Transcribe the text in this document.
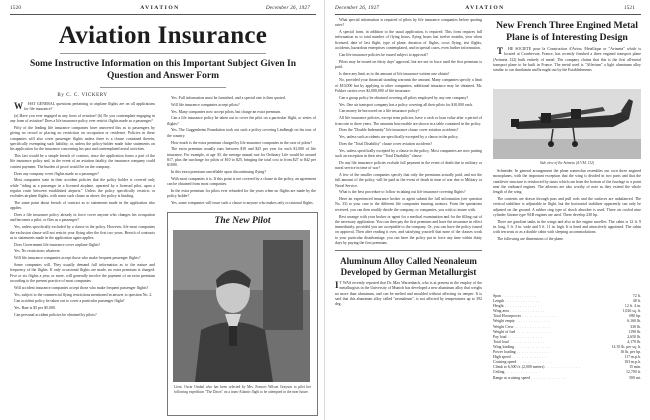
1520	AVIATION	December 26, 1927
Aviation Insurance
Some Instructive Information on this Important Subject Given In Question and Answer Form
By C. C. VICKERY

WHAT GENERAL questions pertaining to airplane flights are on all applications for life insurance?

(a) Have you ever engaged in any form of aviation? (b) Do you contemplate engaging in any form of aviation? Does a life insurance policy ever restrict flights made as a passenger?

Fifty of the leading life insurance companies have answered this as to passengers by giving no record or placing no restriction on occupation or residence. Policies in these companies will also cover passenger flights unless there is a clause contained therein, specifically exempting such liability, or, unless the policy-holder made false statements on his application for the insurance concerning his past and contemplated aerial activities.

This last would be a simple breach of contract, since the application forms a part of the life insurance policy and, in the event of an aviation fatality, the insurance company could contest payment. The burden of proof would be on the company.

Does any company cover flights made as a passenger?

Most companies state in their accident policies that the policy holder is covered only while "riding as a passenger in a licensed airplane, operated by a licensed pilot, upon a regular route between established airports." Unless the policy specifically restricts or excludes airplane flights, with some such clause as above, the policy is binding.

The same point about breach of contract as to statements made in the application also applies.

Does a life insurance policy already in force cover anyone who changes his occupation and becomes a pilot, or flies as a passenger?

Yes, unless specifically excluded by a clause in the policy. However, life most companies the exclusion clause will not restrict your flying after the first two years. Breach of contracts as to statements made in the application again applies.

Does Government life insurance cover airplane flights?

Yes. No restrictions whatever.

Will life insurance companies accept those who make frequent passenger flights?

Some companies will. They usually demand full information as to the nature and frequency of the flights. If only occasional flights are made, no extra premium is charged. Five or six flights a year, or more, will generally involve the payment of an extra premium according to the present practice of most companies.

Will accident insurance companies accept those who make frequent passenger flights?

Yes, subject to the commercial flying restrictions mentioned in answer to question No. 2.

Can accident policy be taken out to cover a particular passenger flight?

Yes. Rate is $5 per $5,000.

Can personal accident policies be obtained by pilots?

Yes. Full information must be furnished, and a special rate is then quoted.

Will life insurance companies accept pilots?

Yes. Many companies now accept pilots, but charge an extra premium.

Can a life insurance policy be taken out to cover the pilot on a particular flight, or series of flights?

Yes. The Guggenheim Foundation took out such a policy covering Lindbergh on his tour of the country.

How much is the extra premium charged by life insurance companies in the case of pilots?

The extra premium usually runs between $10 and $25 per year for each $1,000 of life insurance. For example, at age 30, the average annual rate for Ordinary Life would be around $17, plus the surcharge for pilots of $10 to $25, bringing the total cost to from $27 to $42 per $1000.

In this extra premium cancellable upon discontinuing flying?

With most companies it is. If this point is not covered by a clause in the policy, an agreement can be obtained from most companies.

In the extra premium for pilots ever refunded for the years when no flights are made by the policy holder?

Yes, some companies will issue such a clause to anyone who makes only occasional flights.

The New Pilot
Lieut. Oscar Ornbul who has been selected by Mrs. Frances Wilson Grayson to pilot her following expedition "The Dawn" on a trans-Atlantic flight to be attempted in the near future.
December 26, 1927	AVIATION	1521

What special information is required of pilots by life insurance companies before quoting rates?

A special form, in addition to the usual application, is required. This form requires full information as to total number of flying hours, flying hours last twelve months, year when licensed, date of last flight, type of plane, duration of flights, cross flying, test flights, accidents, hazardous enterprises contemplated, and in special cases, even further information.

Can life insurance policies be issued subject to approval?

Pilots may be issued on thirty days' approval, but are not in force until the first premium is paid.

Is there any limit as to the amount of life insurance written one obtain?

No, provided your financial standing warrants the amount. Many companies specify a limit of $10,000 but by applying to other companies, additional insurance may be obtained. Mr. Fokker carries over $2,000,000 of life insurance.

Can a group policy be obtained covering all pilots employed by any one company?

Yes. One air transport company has a policy covering all their pilots for $10,000 each.

Can money be borrowed on a life insurance policy?

All life insurance policies, except term policies, have a cash or loan value after a period of from one to three years. The amounts borrowable are shown in a table contained in the policy.

Does the "Double Indemnity" life insurance clause cover aviation accidents?

Yes, unless such accidents are specifically excepted by a clause in the policy.

Does the "Total Disability" clause cover aviation accidents?

Yes, unless specifically excepted by a clause in the policy. Most companies are now putting such an exception in their new "Total Disability" clause.

Do any life insurance policies exclude full payment in the event of death due to military or naval service in time of war?

A few of the smaller companies specify that only the premiums actually paid, and not the full amount of the policy, will be paid in the event of death in time of war due to Military or Naval Service.

What is the best procedure to follow in taking out life insurance covering flights?

Have an experienced insurance broker or agent submit the full information (see question No. 33) to your case to the different life companies insuring aviators. From the quotations received, you can then readily decide the company, or companies, you wish to insure with.

Rest arrange with your broker or agent for a medical examination and for the filling out of the necessary application. You can then pay the first premium and have the insurance in effect immediately, provided you are acceptable to the company. Or, you can have the policy issued on approval. Then after reading it over, and satisfying yourself that none of the clauses work to your particular disadvantage, you can have the policy put in force any time within thirty days by paying the first premium.

Aluminum Alloy Called Neonaleum Developed by German Metallurgist

IT WAS recently reported that Dr. Max Warrenbach, who is at present in the employ of the metallurgists in the University of Munich has developed a new aluminum alloy that weighs no more than aluminum, and can be melted and moulded without affecting its temper. It is said that this aluminum alloy called "neonaleum", is not affected by temperatures up to 392 deg.

New French Three Engined Metal Plane is of Interesting Design

THE SOCIETE pour la Construction d'Avion, Metallique or "Avimeta" which is located at Courbevoie, France, has recently finished a three engined transport plane (Avimeta 132) built entirely of metal. The company claims that this is the first all-metal transport plane to be built in France. The metal used is "Alferium" a light aluminum alloy similar to our duralumin and brought out by the Establishments

Side view of the Avimeta (A.V.M. 132)

Schneider. In general arrangement the plane somewhat resembles our own three engined monoplanes, with the important exception that the wing is divided in two parts and that the cantilever structure is reinforced by struts which run from the bottom of the fuselage to a point near the outboard engines. The ailerons are also worthy of note as they extend the whole length of the wing.

The contents are drawn through pass and pull rods and the surfaces are unbalanced. The vertical stabilizer is adjustable in flight, but the horizontal stabilizer apparently can only be adjusted on the ground. A rubber ring type of shock absorber is used. Three air cooled nine cylinder Gnome type 9AB engines are used. These develop 230 hp.

There are gasoline tanks in the wings and also in the engine nacelles. The cabin is 12 ft. 9 in. long, 5 ft. 3 in. wide and 5 ft. 11 in. high. It is lined and attractively appointed. The cabin with ten seats or as a double cabin with sleeping accommodations.

The following are dimensions of the plane.

Span . . .	72 ft.
Length . . .	48 ft.
Height . . .	12 ft. 4 in.
Wing area . . .	1,026 sq. ft.
Total Horsepower . . .	690 hp.
Weight empty . . .	6,160 lb.
Weight Crew . . .	330 lb.
Weight of fuel . . .	1190 lb.
Pay load . . .	2,650 lb.
Total load . . .	4,170 lb.
Wing loading . . .	14.35 lb. per sq. ft.
Power loading . . .	16 lb. per hp.
High speed . . .	117 m.p.h.
Cruising speed . . .	103 m.p.h.
Climb to 6,500 ft. (2,000 meters) . . .	15 min.
Ceiling . . .	12,700 ft.
Range at cruising speed . . .	500 mi.
